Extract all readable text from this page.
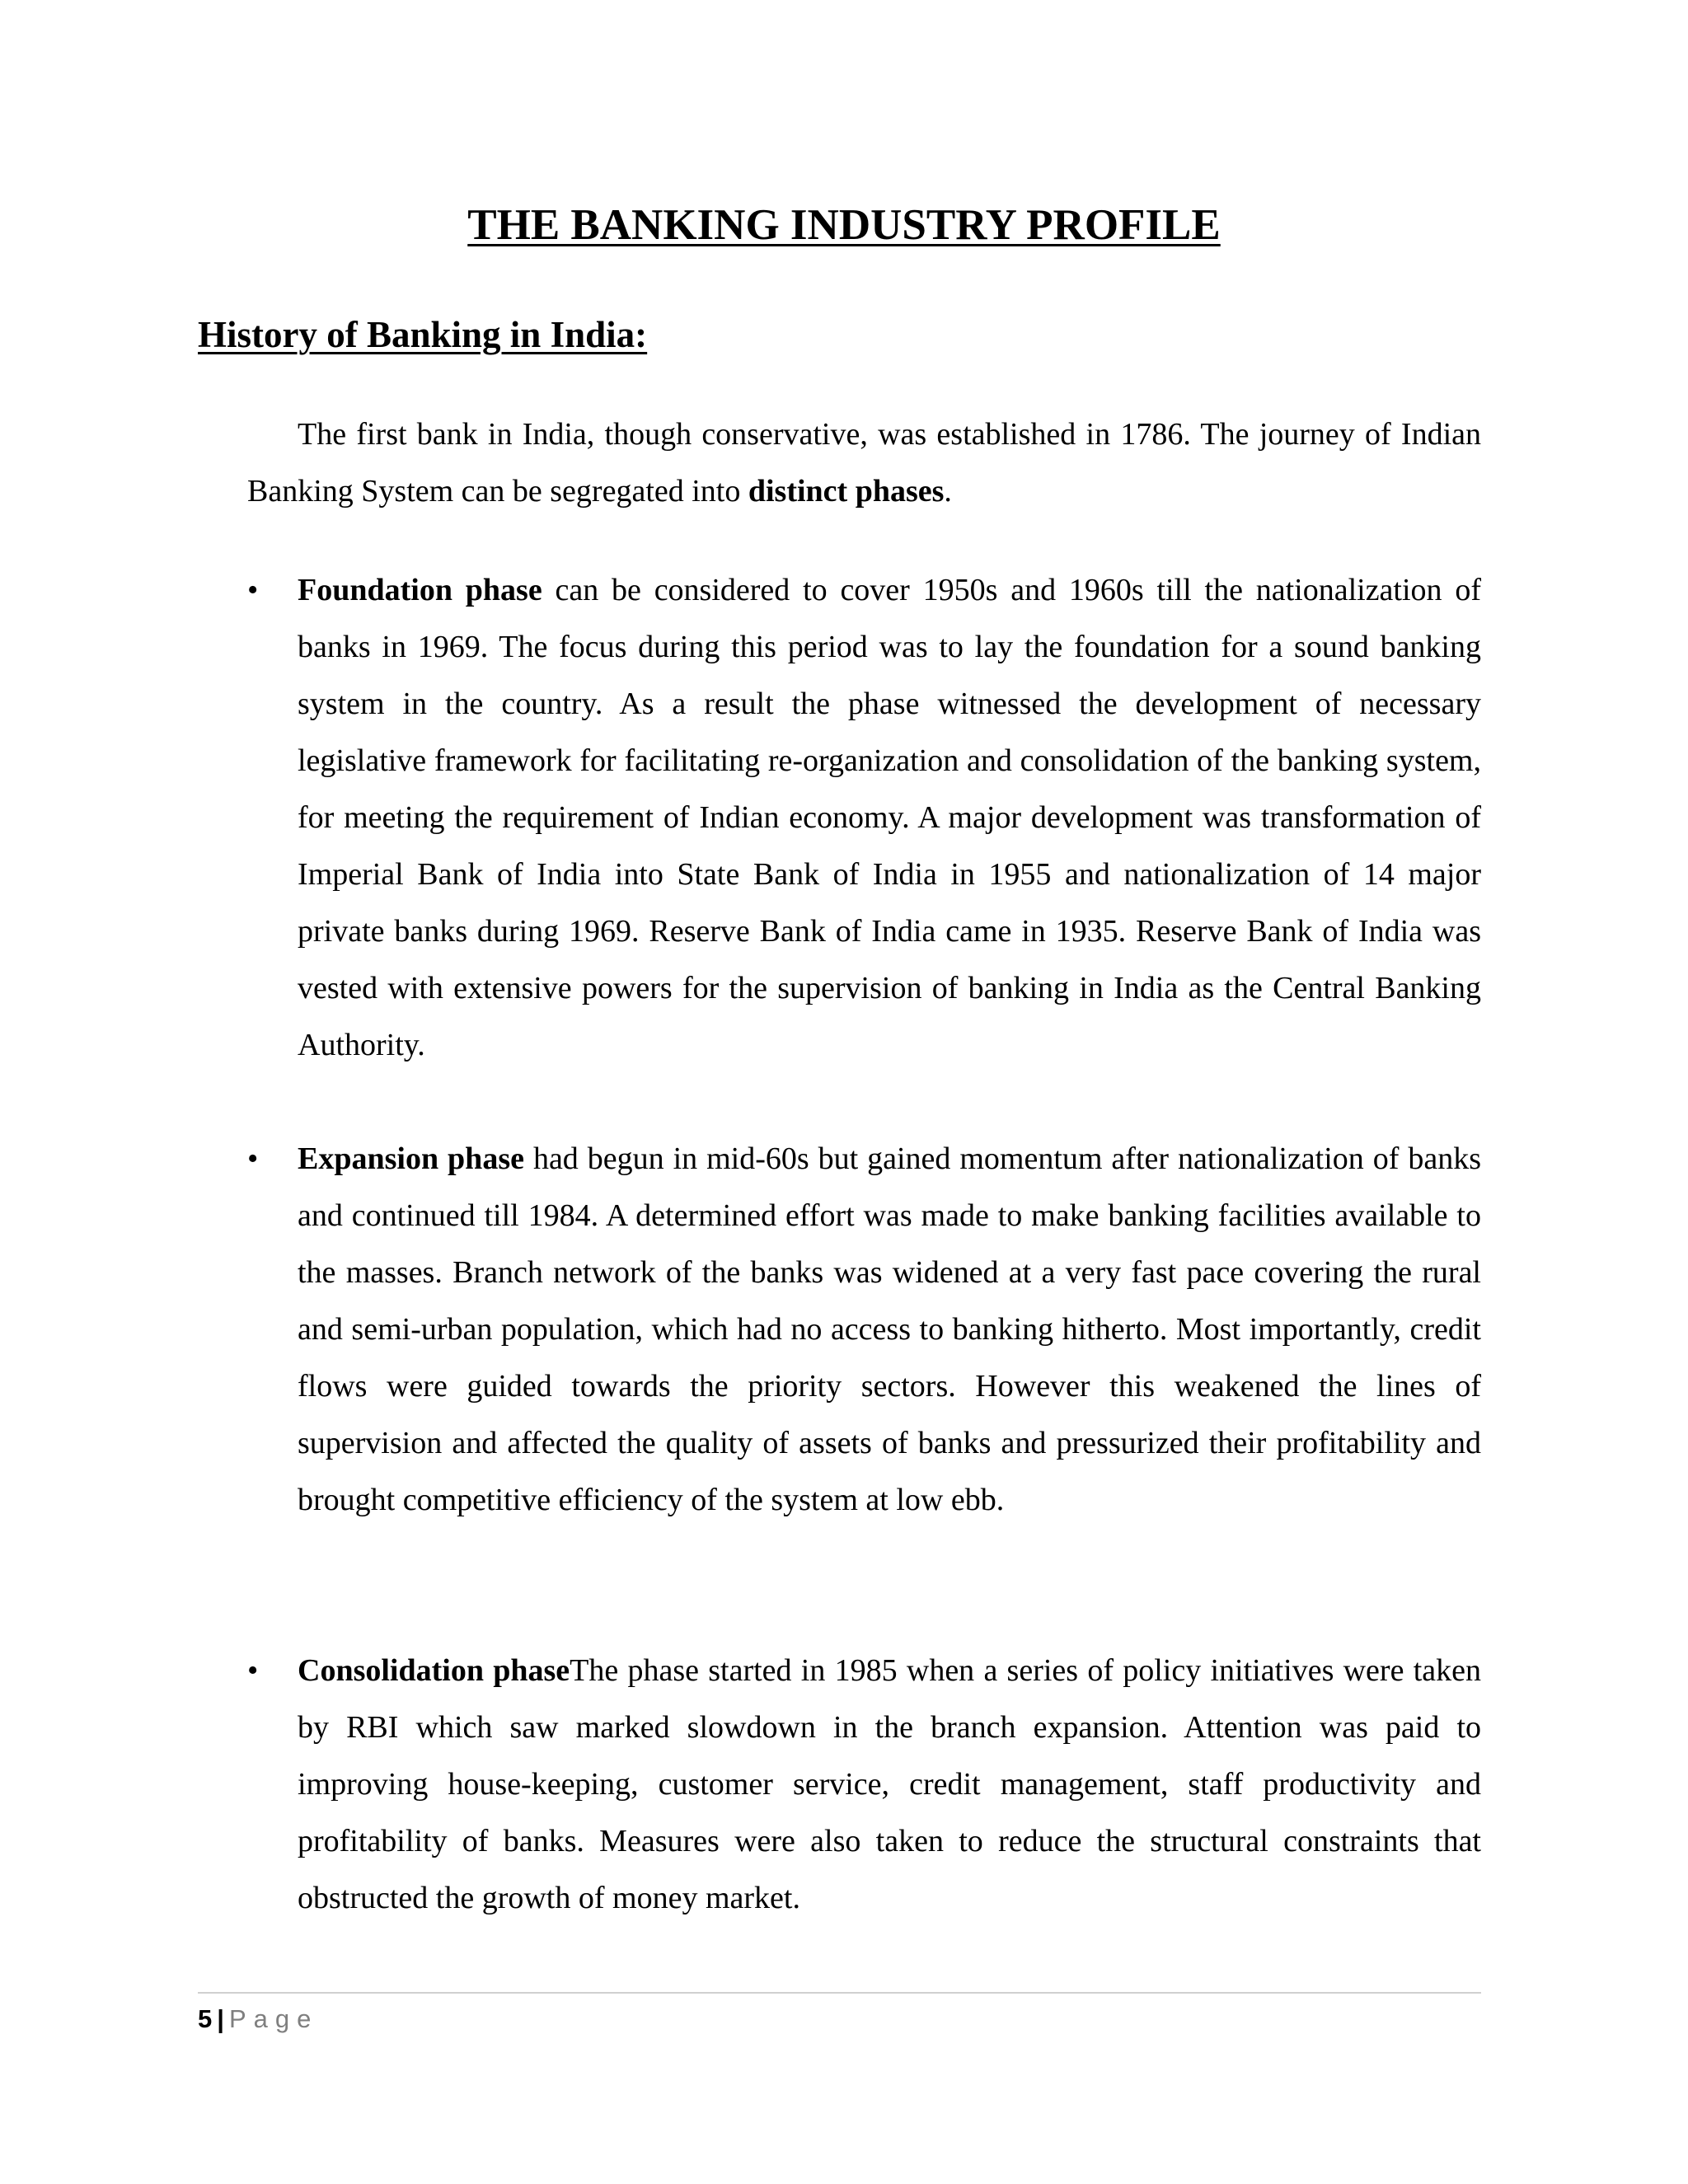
THE BANKING INDUSTRY PROFILE
History of Banking in India:

The first bank in India, though conservative, was established in 1786. The journey of Indian Banking System can be segregated into distinct phases.

•	Foundation phase can be considered to cover 1950s and 1960s till the nationalization of banks in 1969. The focus during this period was to lay the foundation for a sound banking system in the country. As a result the phase witnessed the development of necessary legislative framework for facilitating re-organization and consolidation of the banking system, for meeting the requirement of Indian economy. A major development was transformation of Imperial Bank of India into State Bank of India in 1955 and nationalization of 14 major private banks during 1969. Reserve Bank of India came in 1935. Reserve Bank of India was vested with extensive powers for the supervision of banking in India as the Central Banking Authority.
•	Expansion phase had begun in mid-60s but gained momentum after nationalization of banks and continued till 1984. A determined effort was made to make banking facilities available to the masses. Branch network of the banks was widened at a very fast pace covering the rural and semi-urban population, which had no access to banking hitherto. Most importantly, credit flows were guided towards the priority sectors. However this weakened the lines of supervision and affected the quality of assets of banks and pressurized their profitability and brought competitive efficiency of the system at low ebb.
•	Consolidation phaseThe phase started in 1985 when a series of policy initiatives were taken by RBI which saw marked slowdown in the branch expansion. Attention was paid to improving house-keeping, customer service, credit management, staff productivity and profitability of banks. Measures were also taken to reduce the structural constraints that obstructed the growth of money market.
5 | Page
